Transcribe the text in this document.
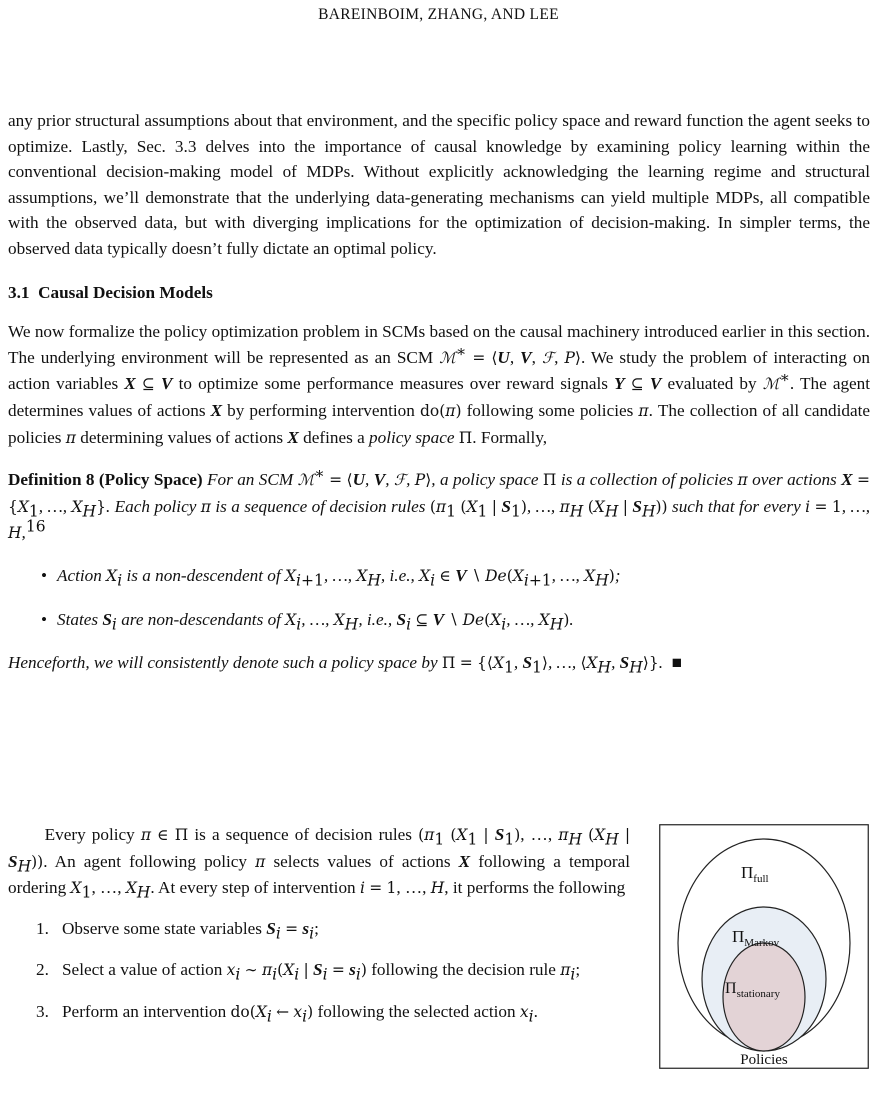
BAREINBOIM, ZHANG, AND LEE

any prior structural assumptions about that environment, and the specific policy space and reward function the agent seeks to optimize. Lastly, Sec. 3.3 delves into the importance of causal knowledge by examining policy learning within the conventional decision-making model of MDPs. Without explicitly acknowledging the learning regime and structural assumptions, we’ll demonstrate that the underlying data-generating mechanisms can yield multiple MDPs, all compatible with the observed data, but with diverging implications for the optimization of decision-making. In simpler terms, the observed data typically doesn’t fully dictate an optimal policy.

3.1 Causal Decision Models

We now formalize the policy optimization problem in SCMs based on the causal machinery introduced earlier in this section. The underlying environment will be represented as an SCM ℳ∗ = ⟨U, V, ℱ, P⟩. We study the problem of interacting on action variables X ⊆ V to optimize some performance measures over reward signals Y ⊆ V evaluated by ℳ∗. The agent determines values of actions X by performing intervention do(π) following some policies π. The collection of all candidate policies π determining values of actions X defines a policy space Π. Formally,

Definition 8 (Policy Space) For an SCM ℳ∗ = ⟨U, V, ℱ, P⟩, a policy space Π is a collection of policies π over actions $X = \{X_1$, …, $X_H$}. Each policy π is a sequence of decision rules ($\pi_1$ ($X_1$ | $S_1$), …, $\pi_H$ ($X_H$ | $S_H$)) such that for every i = 1, …, H,$^{16}$

• Action $X_i$ is a non-descendent of $X_{i+1}$, …, $X_H$, i.e., $X_i$ ∈ V ∖ $De(X_{i+1}$, …, $X_H$);
• States $S_i$ are non-descendants of $X_i$, …, $X_H$, i.e., $S_i$ ⊆ V ∖ $De(X_i$, …, $X_H$).

Henceforth, we will consistently denote such a policy space by $\Pi = \{⟨X_1$, $S_1⟩$, …, $⟨X_H$, $S_H⟩$}.  ■

Every policy π ∈ Π is a sequence of decision rules ($\pi_1$ ($X_1$ | $S_1$), …, $\pi_H$ ($X_H$ | $S_H$)). An agent following policy π selects values of actions X following a temporal ordering $X_1$, …, $X_H$. At every step of intervention i = 1, …, H, it performs the following

1. Observe some state variables $S_i = s_i$;
2. Select a value of action $x_i$ ∼ $\pi_i(X_i$ | $S_i = s_i$) following the decision rule $\pi_i$;
3. Perform an intervention $do(X_i$ ← $x_i$) following the selected action $x_i$.
$\Pi_{full}$
$\Pi_{Markov}$
$\Pi_{stationary}$
Policies
